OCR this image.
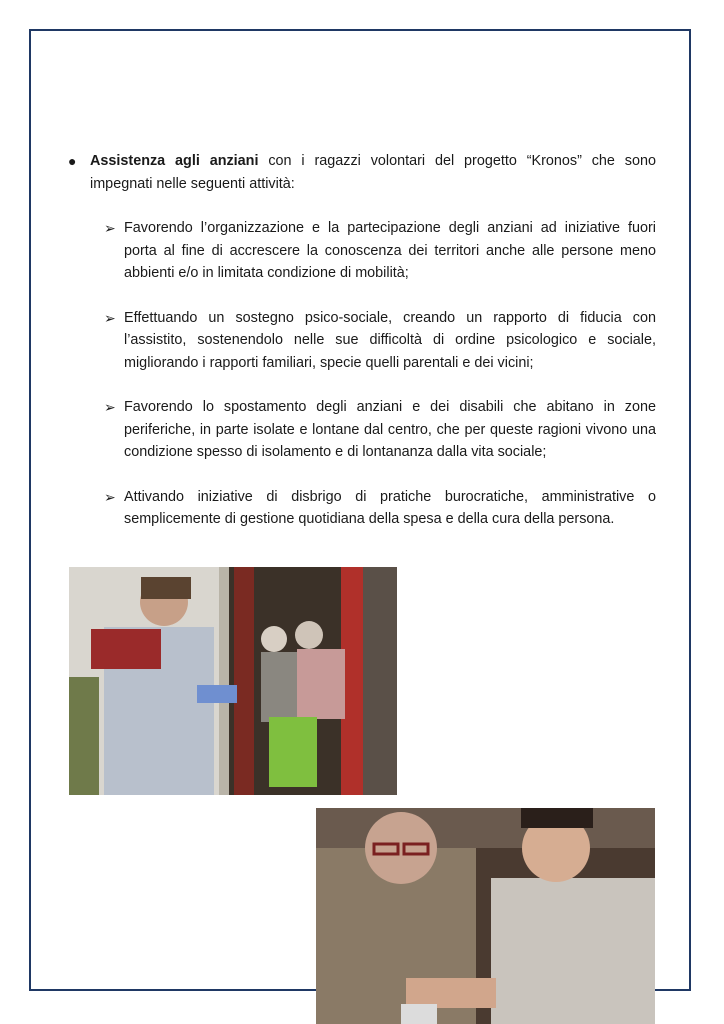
● Assistenza agli anziani con i ragazzi volontari del progetto “Kronos” che sono impegnati nelle seguenti attività:
➢ Favorendo l’organizzazione e la partecipazione degli anziani ad iniziative fuori porta al fine di accrescere la conoscenza dei territori anche alle persone meno abbienti e/o in limitata condizione di mobilità;
➢ Effettuando un sostegno psico-sociale, creando un rapporto di fiducia con l’assistito, sostenendolo nelle sue difficoltà di ordine psicologico e sociale, migliorando i rapporti familiari, specie quelli parentali e dei vicini;
➢ Favorendo lo spostamento degli anziani e dei disabili che abitano in zone periferiche, in parte isolate e lontane dal centro, che per queste ragioni vivono una condizione spesso di isolamento e di lontananza dalla vita sociale;
➢ Attivando iniziative di disbrigo di pratiche burocratiche, amministrative o semplicemente di gestione quotidiana della spesa e della cura della persona.
